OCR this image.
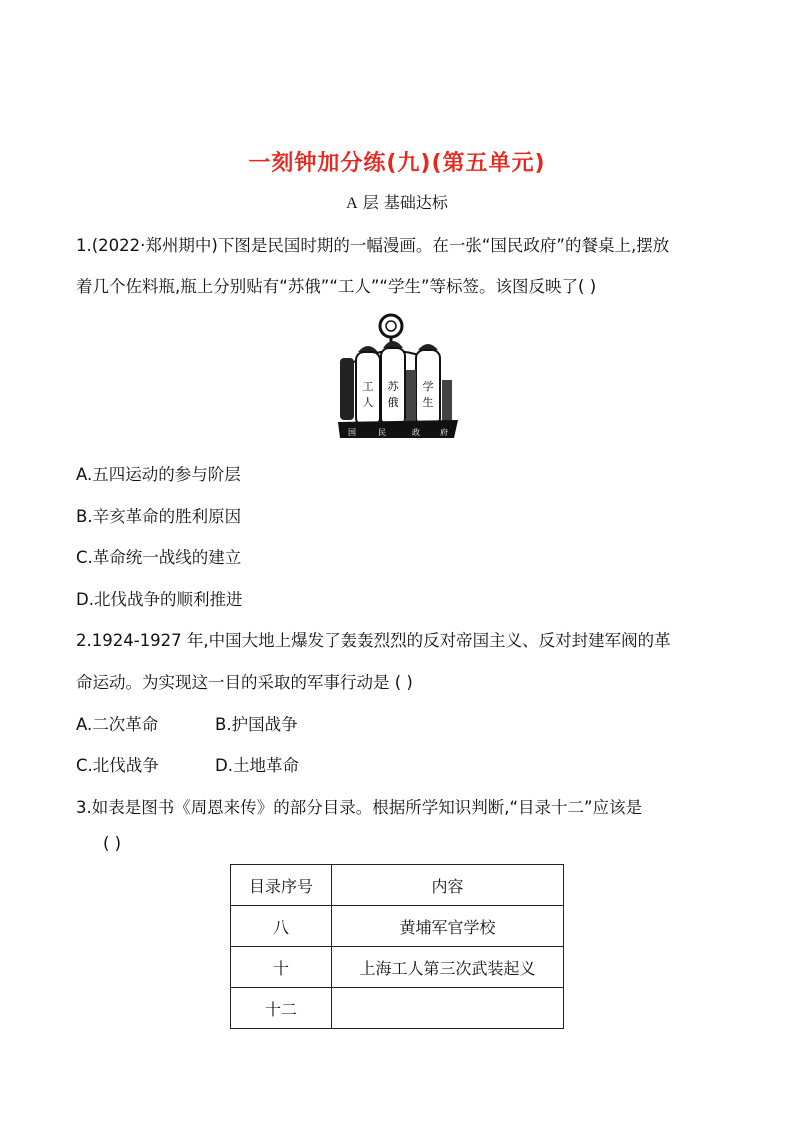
一刻钟加分练(九)(第五单元)
A 层 基础达标
1.(2022·郑州期中)下图是民国时期的一幅漫画。在一张“国民政府”的餐桌上,摆放
着几个佐料瓶,瓶上分别贴有“苏俄”“工人”“学生”等标签。该图反映了( )
工
人
苏
俄
学
生
国	民	政	府
A.五四运动的参与阶层
B.辛亥革命的胜利原因
C.革命统一战线的建立
D.北伐战争的顺利推进
2.1924-1927 年,中国大地上爆发了轰轰烈烈的反对帝国主义、反对封建军阀的革
命运动。为实现这一目的采取的军事行动是 ( )
A.二次革命	B.护国战争
C.北伐战争	D.土地革命
3.如表是图书《周恩来传》的部分目录。根据所学知识判断,“目录十二”应该是
( )
目录序号	内容
八	黄埔军官学校
十	上海工人第三次武装起义
十二	
